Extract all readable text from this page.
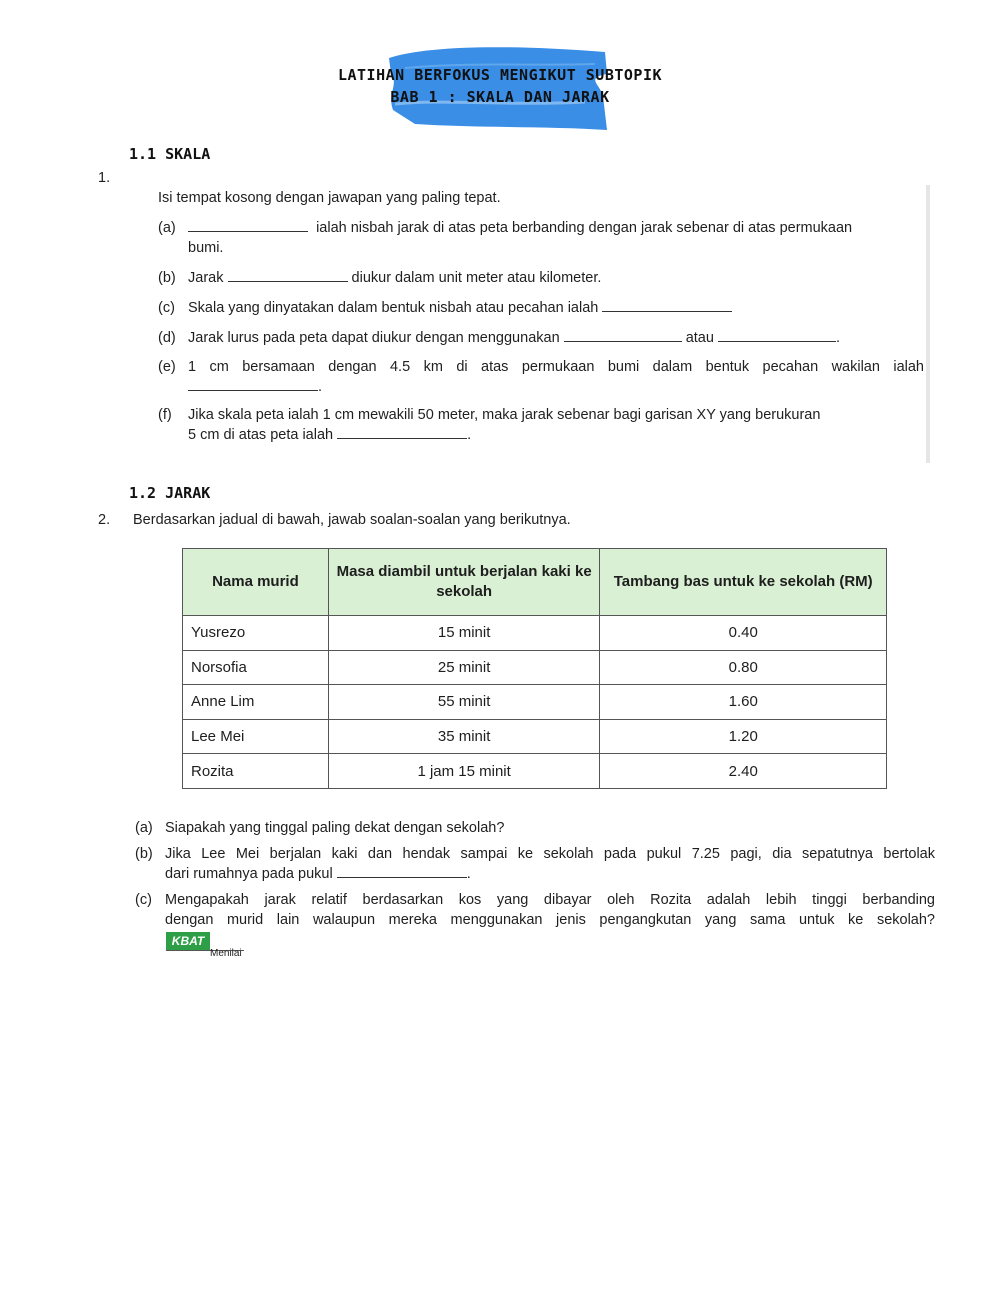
LATIHAN BERFOKUS MENGIKUT SUBTOPIK
BAB 1 : SKALA DAN JARAK
1.1 SKALA
1.
Isi tempat kosong dengan jawapan yang paling tepat.
(a)	ialah nisbah jarak di atas peta berbanding dengan jarak sebenar di atas permukaan
bumi.
(b) Jarak	diukur dalam unit meter atau kilometer.
(c) Skala yang dinyatakan dalam bentuk nisbah atau pecahan ialah
(d) Jarak lurus pada peta dapat diukur dengan menggunakan	atau	.
(e) 1 cm bersamaan dengan 4.5 km di atas permukaan bumi dalam bentuk pecahan wakilan ialah
.
(f) Jika skala peta ialah 1 cm mewakili 50 meter, maka jarak sebenar bagi garisan XY yang berukuran
5 cm di atas peta ialah	.
1.2 JARAK
2. Berdasarkan jadual di bawah, jawab soalan-soalan yang berikutnya.
Nama murid	Masa diambil untuk berjalan kaki ke sekolah	Tambang bas untuk ke sekolah (RM)
Yusrezo	15 minit	0.40
Norsofia	25 minit	0.80
Anne Lim	55 minit	1.60
Lee Mei	35 minit	1.20
Rozita	1 jam 15 minit	2.40
(a) Siapakah yang tinggal paling dekat dengan sekolah?
(b) Jika Lee Mei berjalan kaki dan hendak sampai ke sekolah pada pukul 7.25 pagi, dia sepatutnya bertolak
dari rumahnya pada pukul	.
(c) Mengapakah jarak relatif berdasarkan kos yang dibayar oleh Rozita adalah lebih tinggi berbanding
dengan murid lain walaupun mereka menggunakan jenis pengangkutan yang sama untuk ke sekolah?
KBAT
Menilai
